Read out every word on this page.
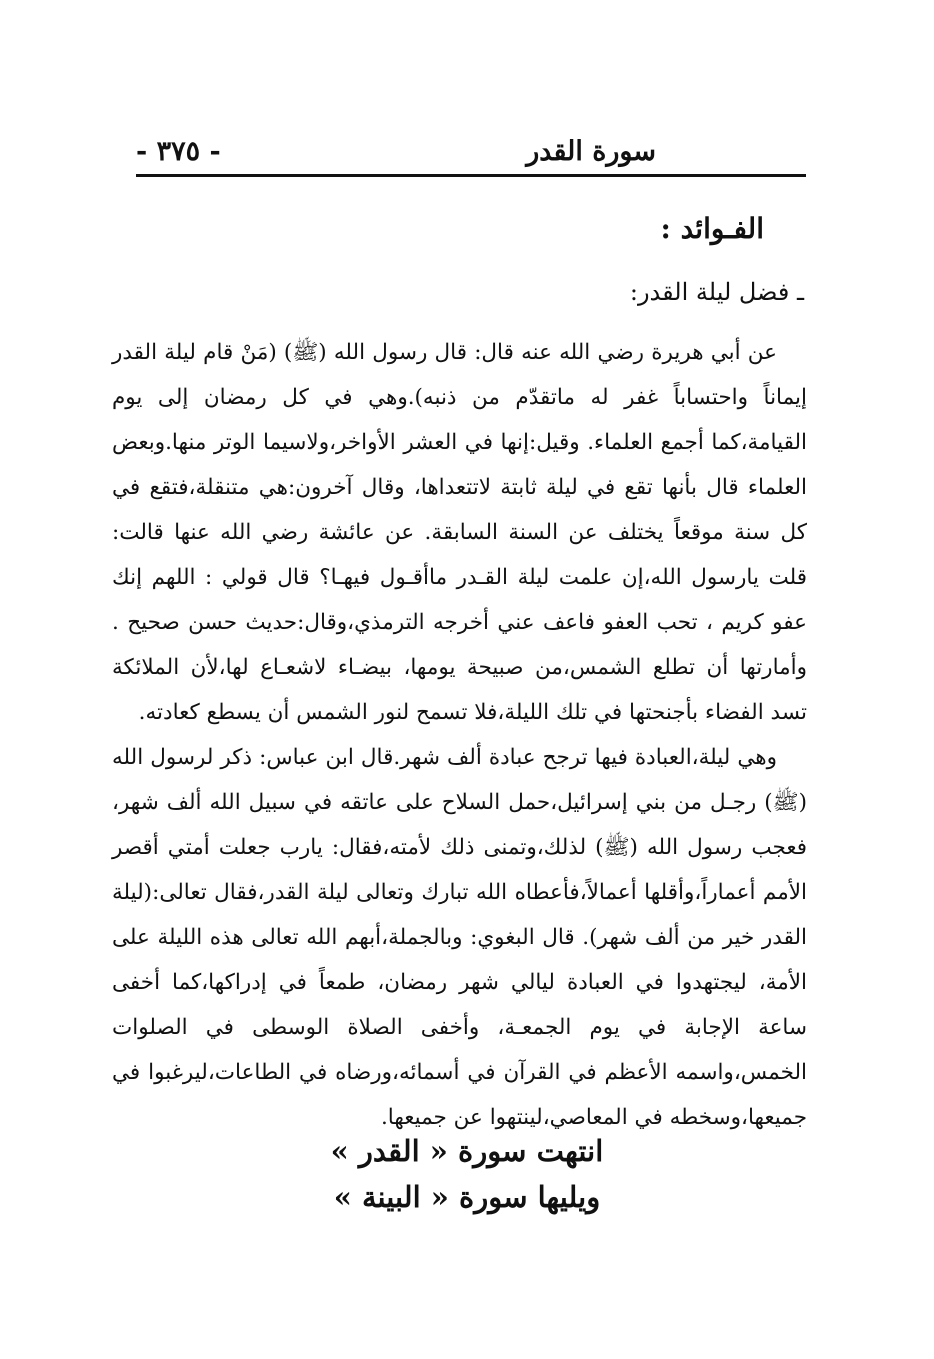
سورة القدر
- ٣٧٥ -
الفـوائد :
ـ فضل ليلة القدر:

عن أبي هريرة رضي الله عنه قال: قال رسول الله (ﷺ) (مَنْ قام ليلة القدر إيماناً واحتساباً غفر له ماتقدّم من ذنبه).وهي في كل رمضان إلى يوم القيامة،كما أجمع العلماء. وقيل:إنها في العشر الأواخر،ولاسيما الوتر منها.وبعض العلماء قال بأنها تقع في ليلة ثابتة لاتتعداها، وقال آخرون:هي متنقلة،فتقع في كل سنة موقعاً يختلف عن السنة السابقة. عن عائشة رضي الله عنها قالت: قلت يارسول الله،إن علمت ليلة القـدر ماأقـول فيهـا؟ قال قولي : اللهم إنك عفو كريم ، تحب العفو فاعف عني أخرجه الترمذي،وقال:حديث حسن صحيح . وأمارتها أن تطلع الشمس،من صبيحة يومها، بيضـاء لاشعـاع لها،لأن الملائكة تسد الفضاء بأجنحتها في تلك الليلة،فلا تسمح لنور الشمس أن يسطع كعادته.

وهي ليلة،العبادة فيها ترجح عبادة ألف شهر.قال ابن عباس: ذكر لرسول الله (ﷺ) رجـل من بني إسرائيل،حمل السلاح على عاتقه في سبيل الله ألف شهر، فعجب رسول الله (ﷺ) لذلك،وتمنى ذلك لأمته،فقال: يارب جعلت أمتي أقصر الأمم أعماراً،وأقلها أعمالاً،فأعطاه الله تبارك وتعالى ليلة القدر،فقال تعالى:(ليلة القدر خير من ألف شهر). قال البغوي: وبالجملة،أبهم الله تعالى هذه الليلة على الأمة، ليجتهدوا في العبادة ليالي شهر رمضان، طمعاً في إدراكها،كما أخفى ساعة الإجابة في يوم الجمعـة، وأخفى الصلاة الوسطى في الصلوات الخمس،واسمه الأعظم في القرآن في أسمائه،ورضاه في الطاعات،ليرغبوا في جميعها،وسخطه في المعاصي،لينتهوا عن جميعها.

انتهت سورة « القدر »
ويليها سورة « البينة »
